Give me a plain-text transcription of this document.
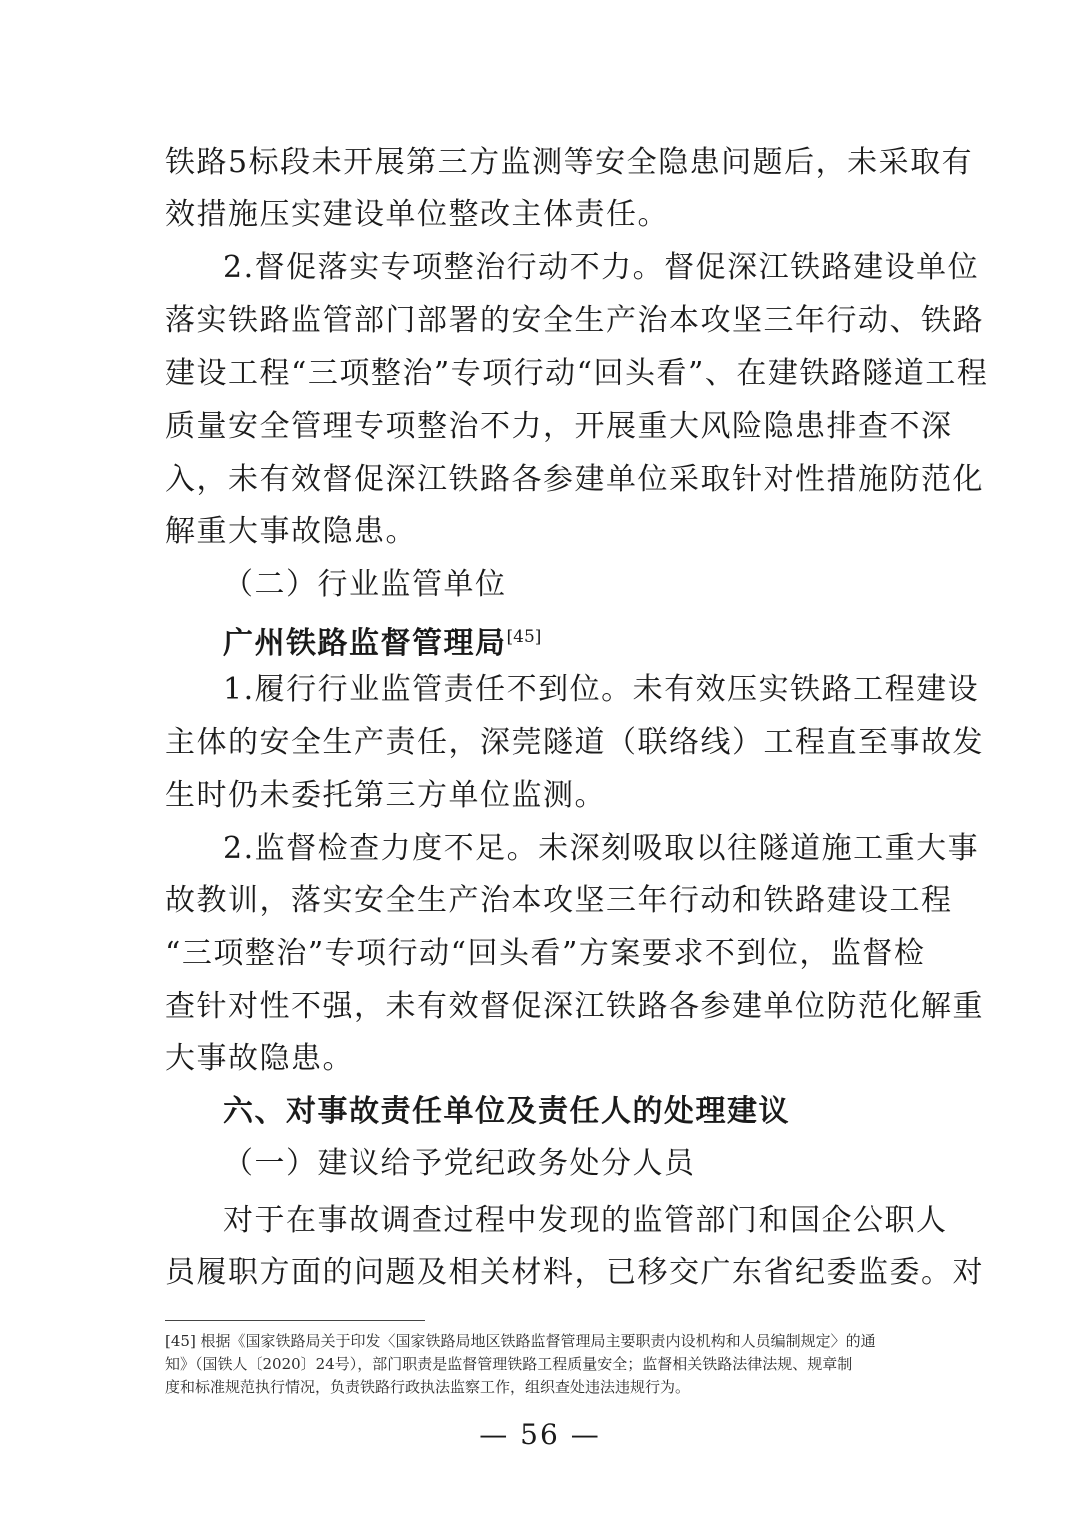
铁路5标段未开展第三方监测等安全隐患问题后，未采取有
效措施压实建设单位整改主体责任。
2.督促落实专项整治行动不力。督促深江铁路建设单位
落实铁路监管部门部署的安全生产治本攻坚三年行动、铁路
建设工程“三项整治”专项行动“回头看”、在建铁路隧道工程
质量安全管理专项整治不力，开展重大风险隐患排查不深
入，未有效督促深江铁路各参建单位采取针对性措施防范化
解重大事故隐患。
（二）行业监管单位
广州铁路监督管理局[45]
1.履行行业监管责任不到位。未有效压实铁路工程建设
主体的安全生产责任，深莞隧道（联络线）工程直至事故发
生时仍未委托第三方单位监测。
2.监督检查力度不足。未深刻吸取以往隧道施工重大事
故教训，落实安全生产治本攻坚三年行动和铁路建设工程
“三项整治”专项行动“回头看”方案要求不到位，监督检
查针对性不强，未有效督促深江铁路各参建单位防范化解重
大事故隐患。
六、对事故责任单位及责任人的处理建议
（一）建议给予党纪政务处分人员
对于在事故调查过程中发现的监管部门和国企公职人
员履职方面的问题及相关材料，已移交广东省纪委监委。对
[45] 根据《国家铁路局关于印发〈国家铁路局地区铁路监督管理局主要职责内设机构和人员编制规定〉的通
知》（国铁人〔2020〕24号），部门职责是监督管理铁路工程质量安全；监督相关铁路法律法规、规章制
度和标准规范执行情况，负责铁路行政执法监察工作，组织查处违法违规行为。
— 56 —
